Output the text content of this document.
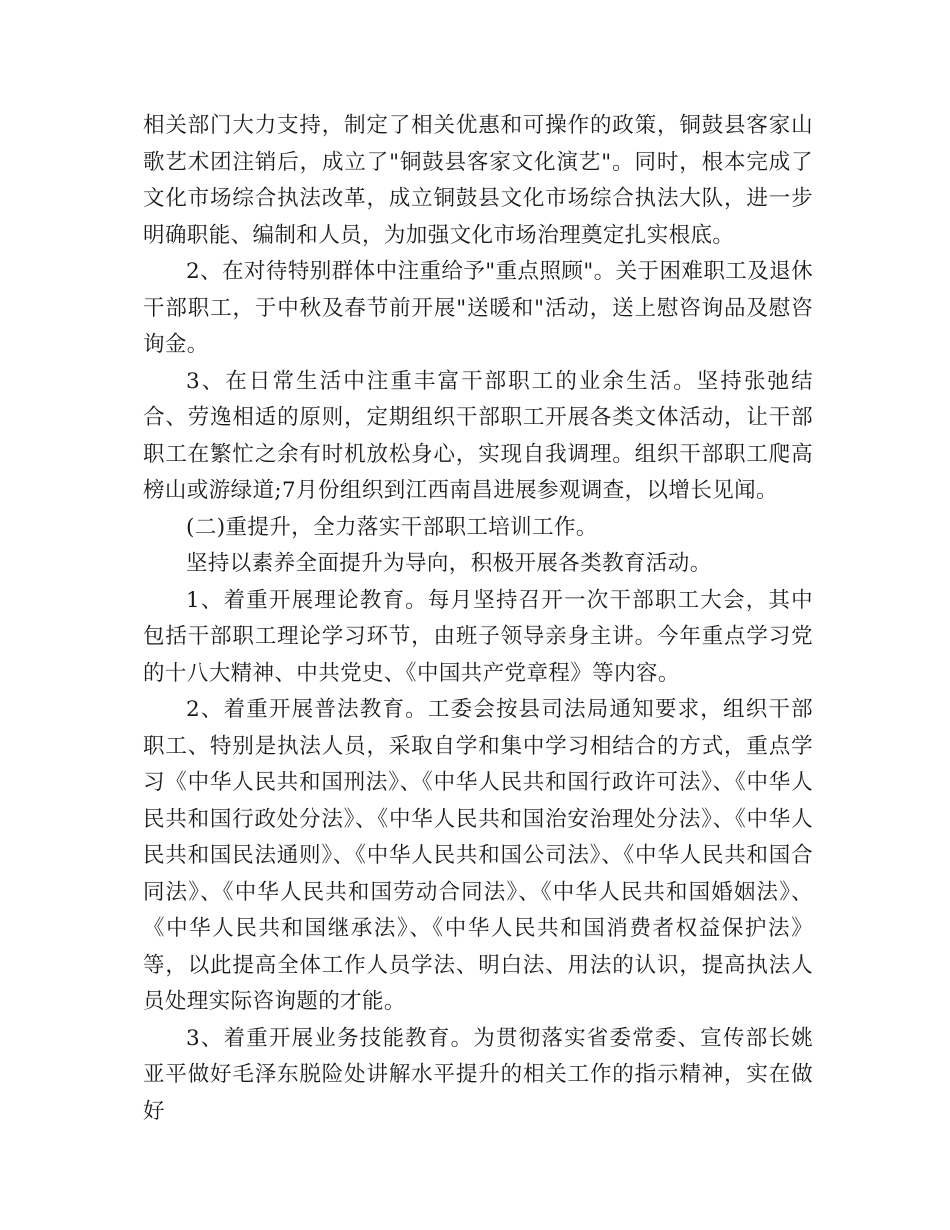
相关部门大力支持，制定了相关优惠和可操作的政策，铜鼓县客家山歌艺术团注销后，成立了"铜鼓县客家文化演艺"。同时，根本完成了文化市场综合执法改革，成立铜鼓县文化市场综合执法大队，进一步明确职能、编制和人员，为加强文化市场治理奠定扎实根底。

2、在对待特别群体中注重给予"重点照顾"。关于困难职工及退休干部职工，于中秋及春节前开展"送暖和"活动，送上慰咨询品及慰咨询金。

3、在日常生活中注重丰富干部职工的业余生活。坚持张弛结合、劳逸相适的原则，定期组织干部职工开展各类文体活动，让干部职工在繁忙之余有时机放松身心，实现自我调理。组织干部职工爬高榜山或游绿道;7月份组织到江西南昌进展参观调查，以增长见闻。

(二)重提升，全力落实干部职工培训工作。

坚持以素养全面提升为导向，积极开展各类教育活动。

1、着重开展理论教育。每月坚持召开一次干部职工大会，其中包括干部职工理论学习环节，由班子领导亲身主讲。今年重点学习党的十八大精神、中共党史、《中国共产党章程》等内容。

2、着重开展普法教育。工委会按县司法局通知要求，组织干部职工、特别是执法人员，采取自学和集中学习相结合的方式，重点学习《中华人民共和国刑法》、《中华人民共和国行政许可法》、《中华人民共和国行政处分法》、《中华人民共和国治安治理处分法》、《中华人民共和国民法通则》、《中华人民共和国公司法》、《中华人民共和国合同法》、《中华人民共和国劳动合同法》、《中华人民共和国婚姻法》、《中华人民共和国继承法》、《中华人民共和国消费者权益保护法》等，以此提高全体工作人员学法、明白法、用法的认识，提高执法人员处理实际咨询题的才能。

3、着重开展业务技能教育。为贯彻落实省委常委、宣传部长姚亚平做好毛泽东脱险处讲解水平提升的相关工作的指示精神，实在做好
